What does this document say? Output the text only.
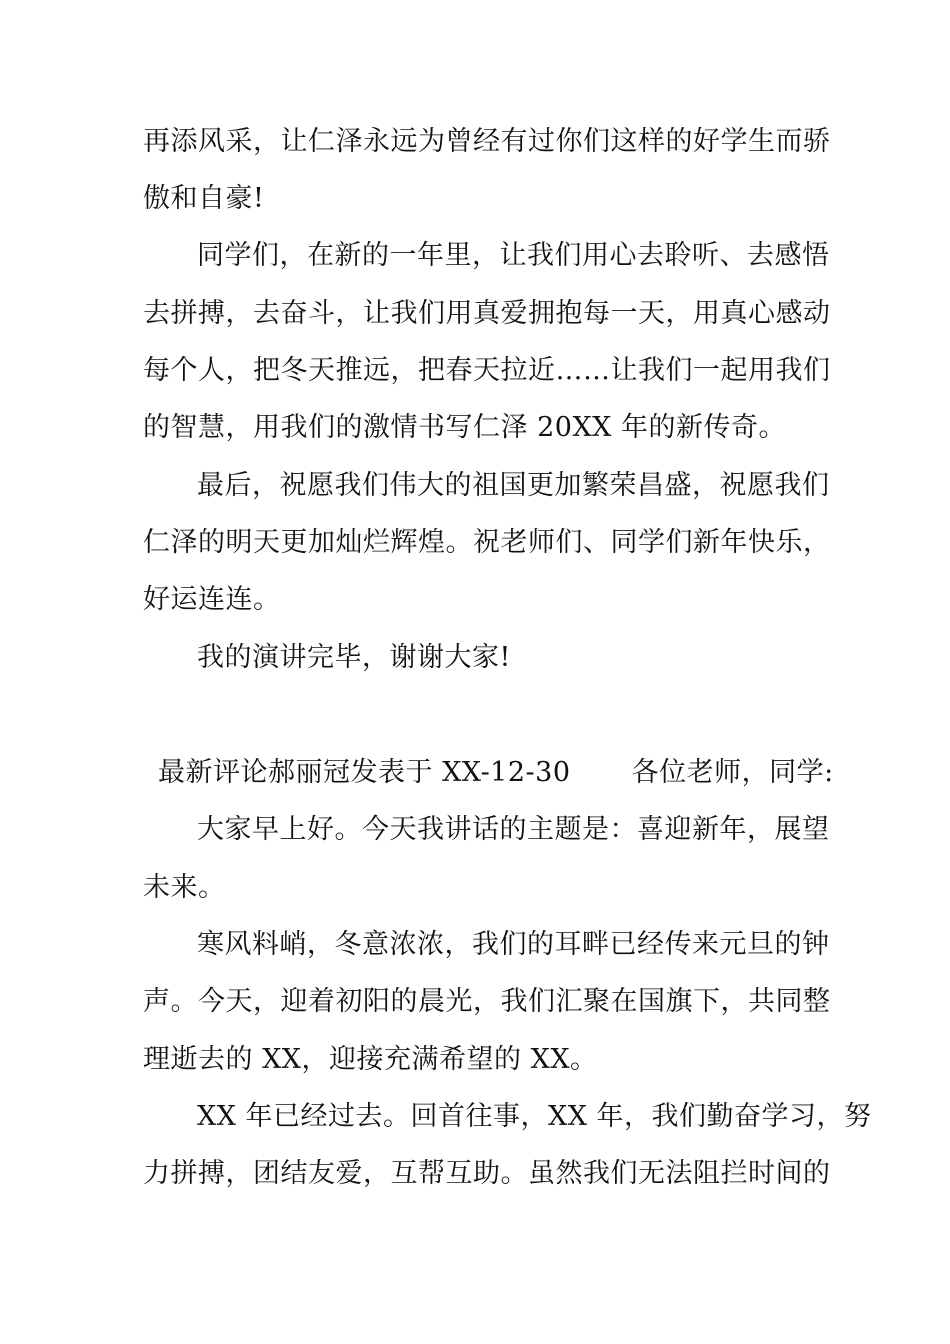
再添风采，让仁泽永远为曾经有过你们这样的好学生而骄
傲和自豪!
同学们，在新的一年里，让我们用心去聆听、去感悟
去拼搏，去奋斗，让我们用真爱拥抱每一天，用真心感动
每个人，把冬天推远，把春天拉近……让我们一起用我们
的智慧，用我们的激情书写仁泽 20XX 年的新传奇。
最后，祝愿我们伟大的祖国更加繁荣昌盛，祝愿我们
仁泽的明天更加灿烂辉煌。祝老师们、同学们新年快乐，
好运连连。
我的演讲完毕，谢谢大家!
最新评论郝丽冠发表于 XX-12-30 各位老师，同学:
大家早上好。今天我讲话的主题是：喜迎新年，展望
未来。
寒风料峭，冬意浓浓，我们的耳畔已经传来元旦的钟
声。今天，迎着初阳的晨光，我们汇聚在国旗下，共同整
理逝去的 XX，迎接充满希望的 XX。
XX 年已经过去。回首往事，XX 年，我们勤奋学习，努
力拼搏，团结友爱，互帮互助。虽然我们无法阻拦时间的
